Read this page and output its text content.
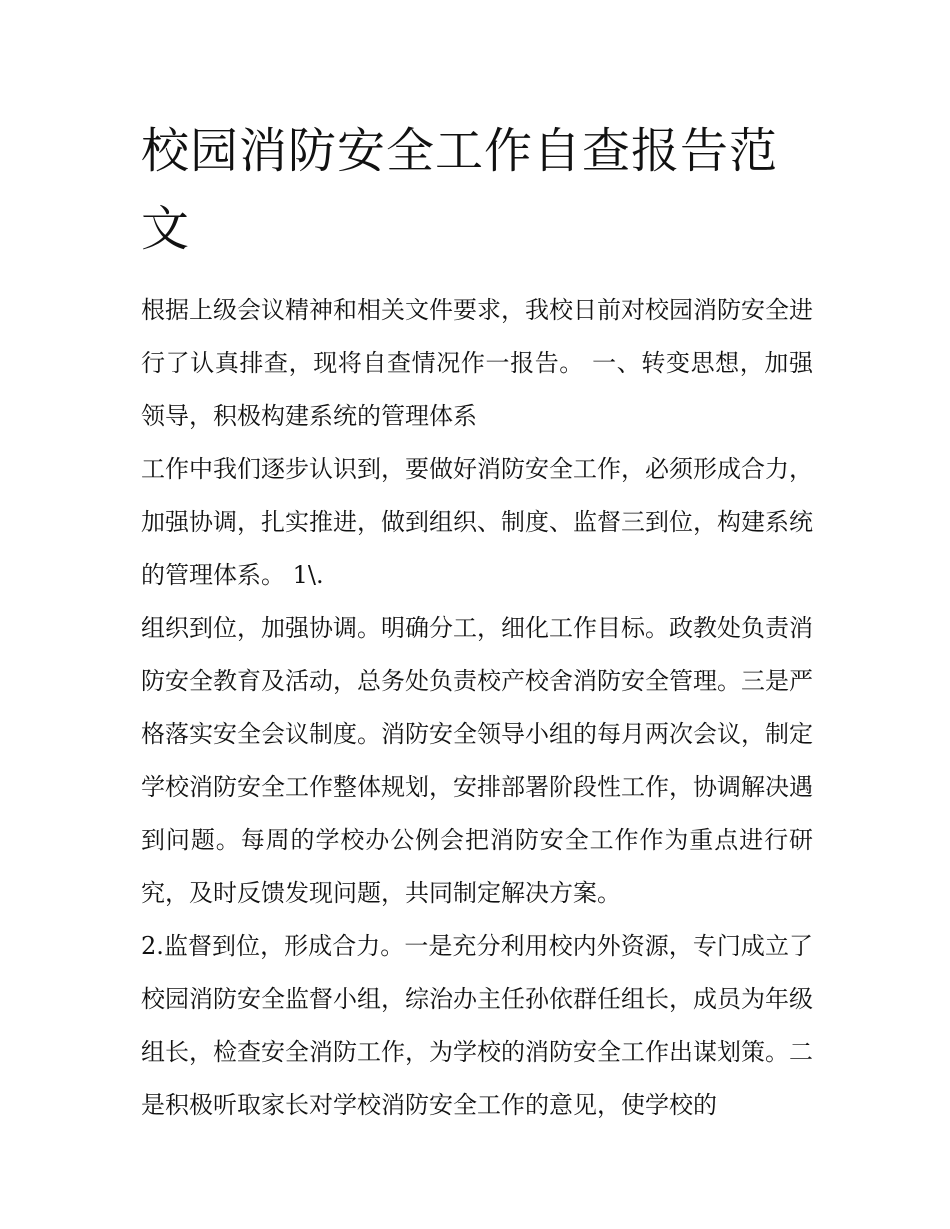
校园消防安全工作自查报告范文

根据上级会议精神和相关文件要求，我校日前对校园消防安全进行了认真排查，现将自查情况作一报告。 一、转变思想，加强领导，积极构建系统的管理体系

工作中我们逐步认识到，要做好消防安全工作，必须形成合力，加强协调，扎实推进，做到组织、制度、监督三到位，构建系统的管理体系。 1\.

组织到位，加强协调。明确分工，细化工作目标。政教处负责消防安全教育及活动，总务处负责校产校舍消防安全管理。三是严格落实安全会议制度。消防安全领导小组的每月两次会议，制定学校消防安全工作整体规划，安排部署阶段性工作，协调解决遇到问题。每周的学校办公例会把消防安全工作作为重点进行研究，及时反馈发现问题，共同制定解决方案。

2.监督到位，形成合力。一是充分利用校内外资源，专门成立了校园消防安全监督小组，综治办主任孙依群任组长，成员为年级组长，检查安全消防工作，为学校的消防安全工作出谋划策。二是积极听取家长对学校消防安全工作的意见，使学校的
